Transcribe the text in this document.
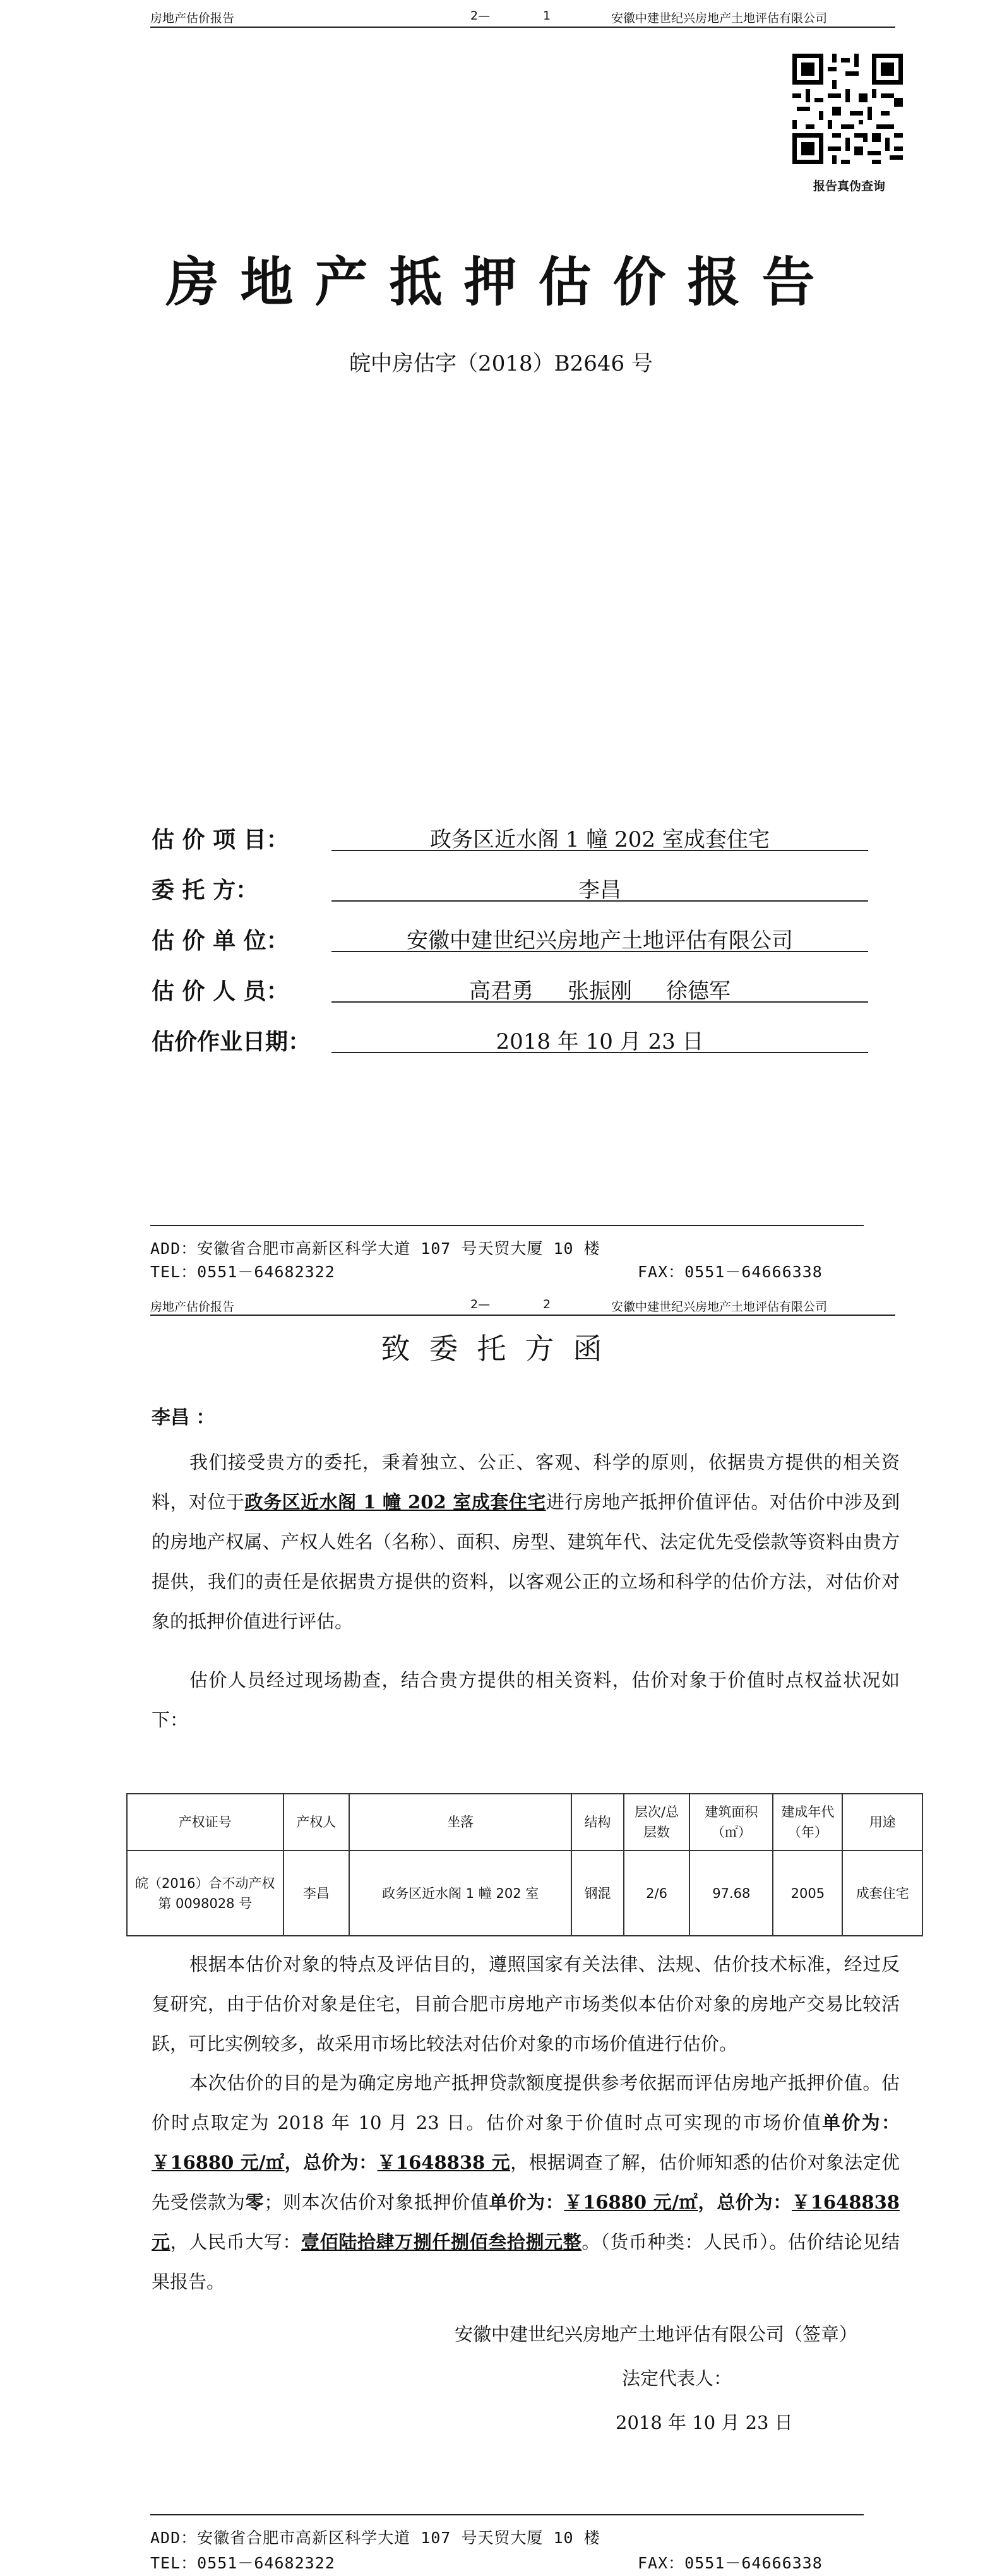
房地产估价报告	2—	1	安徽中建世纪兴房地产土地评估有限公司
报告真伪查询
房地产抵押估价报告
皖中房估字（2018）B2646 号
估 价 项 目：	政务区近水阁 1 幢 202 室成套住宅
委 托 方：	李昌
估 价 单 位：	安徽中建世纪兴房地产土地评估有限公司
估 价 人 员：	高君勇     张振刚     徐德军
估价作业日期：	2018 年 10 月 23 日
ADD：安徽省合肥市高新区科学大道 107 号天贸大厦 10 楼
TEL：0551－64682322	FAX：0551－64666338
房地产估价报告	2—	2	安徽中建世纪兴房地产土地评估有限公司
致委托方函
李昌 ：
我们接受贵方的委托，秉着独立、公正、客观、科学的原则，依据贵方提供的相关资料，对位于政务区近水阁 1 幢 202 室成套住宅进行房地产抵押价值评估。对估价中涉及到的房地产权属、产权人姓名（名称）、面积、房型、建筑年代、法定优先受偿款等资料由贵方提供，我们的责任是依据贵方提供的资料，以客观公正的立场和科学的估价方法，对估价对象的抵押价值进行评估。
估价人员经过现场勘查，结合贵方提供的相关资料，估价对象于价值时点权益状况如下：
产权证号	产权人	坐落	结构	层次/总层数	建筑面积（㎡）	建成年代（年）	用途
皖（2016）合不动产权第 0098028 号	李昌	政务区近水阁 1 幢 202 室	钢混	2/6	97.68	2005	成套住宅
根据本估价对象的特点及评估目的，遵照国家有关法律、法规、估价技术标准，经过反复研究，由于估价对象是住宅，目前合肥市房地产市场类似本估价对象的房地产交易比较活跃，可比实例较多，故采用市场比较法对估价对象的市场价值进行估价。
本次估价的目的是为确定房地产抵押贷款额度提供参考依据而评估房地产抵押价值。估价时点取定为 2018 年 10 月 23 日。估价对象于价值时点可实现的市场价值单价为：￥16880 元/㎡，总价为：￥1648838 元，根据调查了解，估价师知悉的估价对象法定优先受偿款为零；则本次估价对象抵押价值单价为：￥16880 元/㎡，总价为：￥1648838 元，人民币大写：壹佰陆拾肆万捌仟捌佰叁拾捌元整。（货币种类：人民币）。估价结论见结果报告。
安徽中建世纪兴房地产土地评估有限公司（签章）
法定代表人：
2018 年 10 月 23 日
ADD：安徽省合肥市高新区科学大道 107 号天贸大厦 10 楼
TEL：0551－64682322	FAX：0551－64666338
